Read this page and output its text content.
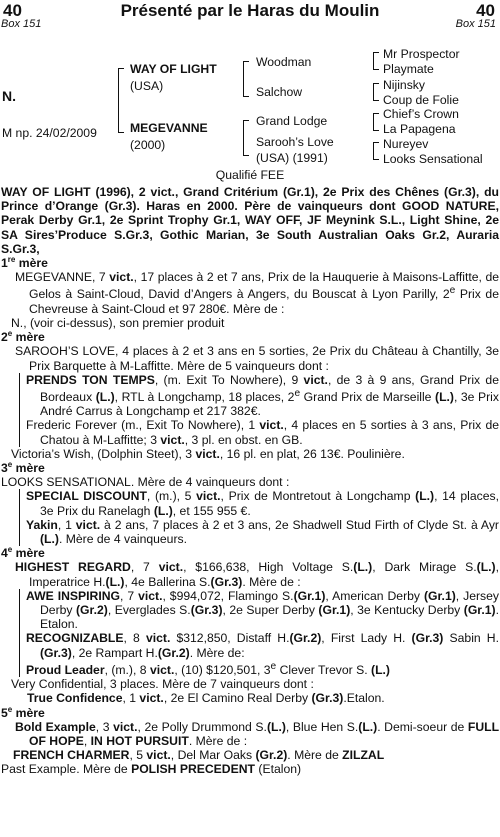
40	Présenté par le Haras du Moulin	40
Box 151	Box 151
N.
M np. 24/02/2009
WAY OF LIGHT
(USA)
MEGEVANNE
(2000)
Woodman
Salchow
Grand Lodge
Sarooh’s Love
(USA) (1991)
Mr Prospector
Playmate
Nijinsky
Coup de Folie
Chief’s Crown
La Papagena
Nureyev
Looks Sensational
Qualifié FEE

WAY OF LIGHT (1996), 2 vict., Grand Critérium (Gr.1), 2e Prix des Chênes (Gr.3), du Prince d’Orange (Gr.3). Haras en 2000. Père de vainqueurs dont GOOD NATURE, Perak Derby Gr.1, 2e Sprint Trophy Gr.1, WAY OFF, JF Meynink S.L., Light Shine, 2e SA Sires’Produce S.Gr.3, Gothic Marian, 3e South Australian Oaks Gr.2, Auraria S.Gr.3,

1re mère

MEGEVANNE, 7 vict., 17 places à 2 et 7 ans, Prix de la Hauquerie à Maisons-Laffitte, de Gelos à Saint-Cloud, David d’Angers à Angers, du Bouscat à Lyon Parilly, 2e Prix de Chevreuse à Saint-Cloud et 97 280€. Mère de :

N., (voir ci-dessus), son premier produit

2e mère

SAROOH’S LOVE, 4 places à 2 et 3 ans en 5 sorties, 2e Prix du Château à Chantilly, 3e Prix Barquette à M-Laffitte. Mère de 5 vainqueurs dont :

PRENDS TON TEMPS, (m. Exit To Nowhere), 9 vict., de 3 à 9 ans, Grand Prix de Bordeaux (L.), RTL à Longchamp, 18 places, 2e Grand Prix de Marseille (L.), 3e Prix André Carrus à Longchamp et 217 382€.

Frederic Forever (m., Exit To Nowhere), 1 vict., 4 places en 5 sorties à 3 ans, Prix de Chatou à M-Laffitte; 3 vict., 3 pl. en obst. en GB.

Victoria’s Wish, (Dolphin Steet), 3 vict., 16 pl. en plat, 26 13€. Poulinière.

3e mère

LOOKS SENSATIONAL. Mère de 4 vainqueurs dont :

SPECIAL DISCOUNT, (m.), 5 vict., Prix de Montretout à Longchamp (L.), 14 places, 3e Prix du Ranelagh (L.), et 155 955 €.

Yakin, 1 vict. à 2 ans, 7 places à 2 et 3 ans, 2e Shadwell Stud Firth of Clyde St. à Ayr (L.). Mère de 4 vainqueurs.

4e mère

HIGHEST REGARD, 7 vict., $166,638, High Voltage S.(L.), Dark Mirage S.(L.), Imperatrice H.(L.), 4e Ballerina S.(Gr.3). Mère de :

AWE INSPIRING, 7 vict., $994,072, Flamingo S.(Gr.1), American Derby (Gr.1), Jersey Derby (Gr.2), Everglades S.(Gr.3), 2e Super Derby (Gr.1), 3e Kentucky Derby (Gr.1). Etalon.

RECOGNIZABLE, 8 vict. $312,850, Distaff H.(Gr.2), First Lady H. (Gr.3) Sabin H.(Gr.3), 2e Rampart H.(Gr.2). Mère de:

Proud Leader, (m.), 8 vict., (10) $120,501, 3e Clever Trevor S. (L.)

Very Confidential, 3 places. Mère de 7 vainqueurs dont :

True Confidence, 1 vict., 2e El Camino Real Derby (Gr.3).Etalon.

5e mère

Bold Example, 3 vict., 2e Polly Drummond S.(L.), Blue Hen S.(L.). Demi-soeur de FULL OF HOPE, IN HOT PURSUIT. Mère de :

FRENCH CHARMER, 5 vict., Del Mar Oaks (Gr.2). Mère de ZILZAL

Past Example. Mère de POLISH PRECEDENT (Etalon)
